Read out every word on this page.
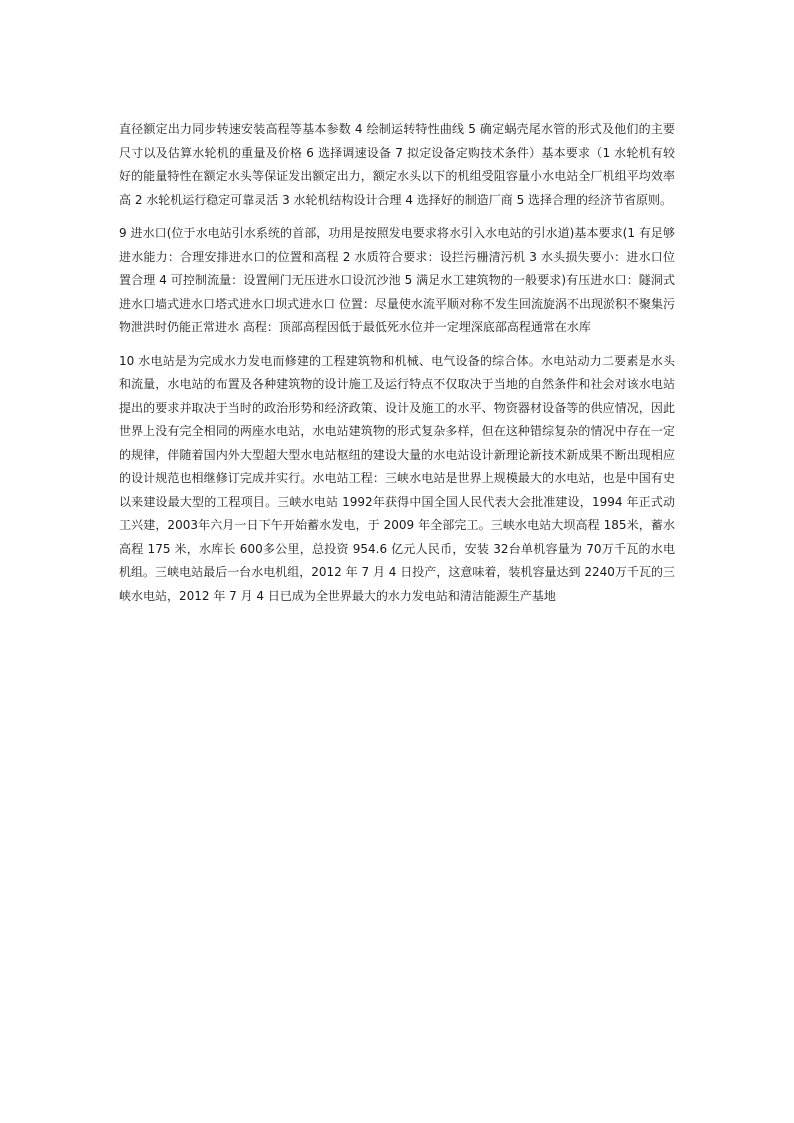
直径额定出力同步转速安装高程等基本参数 4 绘制运转特性曲线 5 确定蜗壳尾水管的形式及他们的主要尺寸以及估算水轮机的重量及价格 6 选择调速设备 7 拟定设备定购技术条件）基本要求（1 水轮机有较好的能量特性在额定水头等保证发出额定出力，额定水头以下的机组受阻容量小水电站全厂机组平均效率高 2 水轮机运行稳定可靠灵活 3 水轮机结构设计合理 4 选择好的制造厂商 5 选择合理的经济节省原则。

9 进水口(位于水电站引水系统的首部，功用是按照发电要求将水引入水电站的引水道)基本要求(1 有足够进水能力：合理安排进水口的位置和高程 2 水质符合要求：设拦污栅清污机 3 水头损失要小：进水口位置合理 4 可控制流量：设置闸门无压进水口设沉沙池 5 满足水工建筑物的一般要求)有压进水口：隧洞式进水口墙式进水口塔式进水口坝式进水口 位置：尽量使水流平顺对称不发生回流旋涡不出现淤积不聚集污物泄洪时仍能正常进水 高程：顶部高程因低于最低死水位并一定埋深底部高程通常在水库

10 水电站是为完成水力发电而修建的工程建筑物和机械、电气设备的综合体。水电站动力二要素是水头和流量，水电站的布置及各种建筑物的设计施工及运行特点不仅取决于当地的自然条件和社会对该水电站提出的要求并取决于当时的政治形势和经济政策、设计及施工的水平、物资器材设备等的供应情况，因此世界上没有完全相同的两座水电站，水电站建筑物的形式复杂多样，但在这种错综复杂的情况中存在一定的规律，伴随着国内外大型超大型水电站枢纽的建设大量的水电站设计新理论新技术新成果不断出现相应的设计规范也相继修订完成并实行。水电站工程：三峡水电站是世界上规模最大的水电站，也是中国有史以来建设最大型的工程项目。三峡水电站 1992年获得中国全国人民代表大会批准建设，1994 年正式动工兴建，2003年六月一日下午开始蓄水发电，于 2009 年全部完工。三峡水电站大坝高程 185米，蓄水高程 175 米，水库长 600多公里，总投资 954.6 亿元人民币，安装 32台单机容量为 70万千瓦的水电机组。三峡电站最后一台水电机组，2012 年 7 月 4 日投产，这意味着，装机容量达到 2240万千瓦的三峡水电站，2012 年 7 月 4 日已成为全世界最大的水力发电站和清洁能源生产基地
